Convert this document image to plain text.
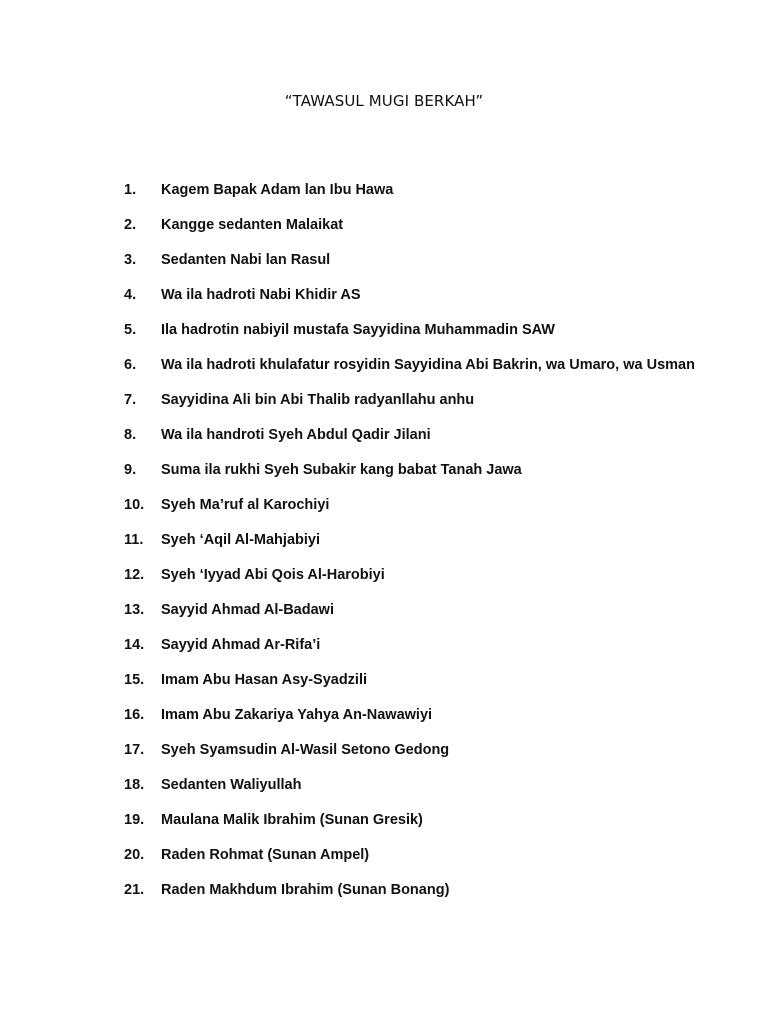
“TAWASUL MUGI BERKAH”
1.	Kagem Bapak Adam lan Ibu Hawa
2.	Kangge sedanten Malaikat
3.	Sedanten Nabi lan Rasul
4.	Wa ila hadroti Nabi Khidir AS
5.	Ila hadrotin nabiyil mustafa Sayyidina Muhammadin SAW
6.	Wa ila hadroti khulafatur rosyidin Sayyidina Abi Bakrin, wa Umaro, wa Usman
7.	Sayyidina Ali bin Abi Thalib radyanllahu anhu
8.	Wa ila handroti Syeh Abdul Qadir Jilani
9.	Suma ila rukhi Syeh Subakir kang babat Tanah Jawa
10.	Syeh Ma’ruf al Karochiyi
11.	Syeh ‘Aqil Al-Mahjabiyi
12.	Syeh ‘Iyyad Abi Qois Al-Harobiyi
13.	Sayyid Ahmad Al-Badawi
14.	Sayyid Ahmad Ar-Rifa’i
15.	Imam Abu Hasan Asy-Syadzili
16.	Imam Abu Zakariya Yahya An-Nawawiyi
17.	Syeh Syamsudin Al-Wasil Setono Gedong
18.	Sedanten Waliyullah
19.	Maulana Malik Ibrahim (Sunan Gresik)
20.	Raden Rohmat (Sunan Ampel)
21.	Raden Makhdum Ibrahim (Sunan Bonang)
